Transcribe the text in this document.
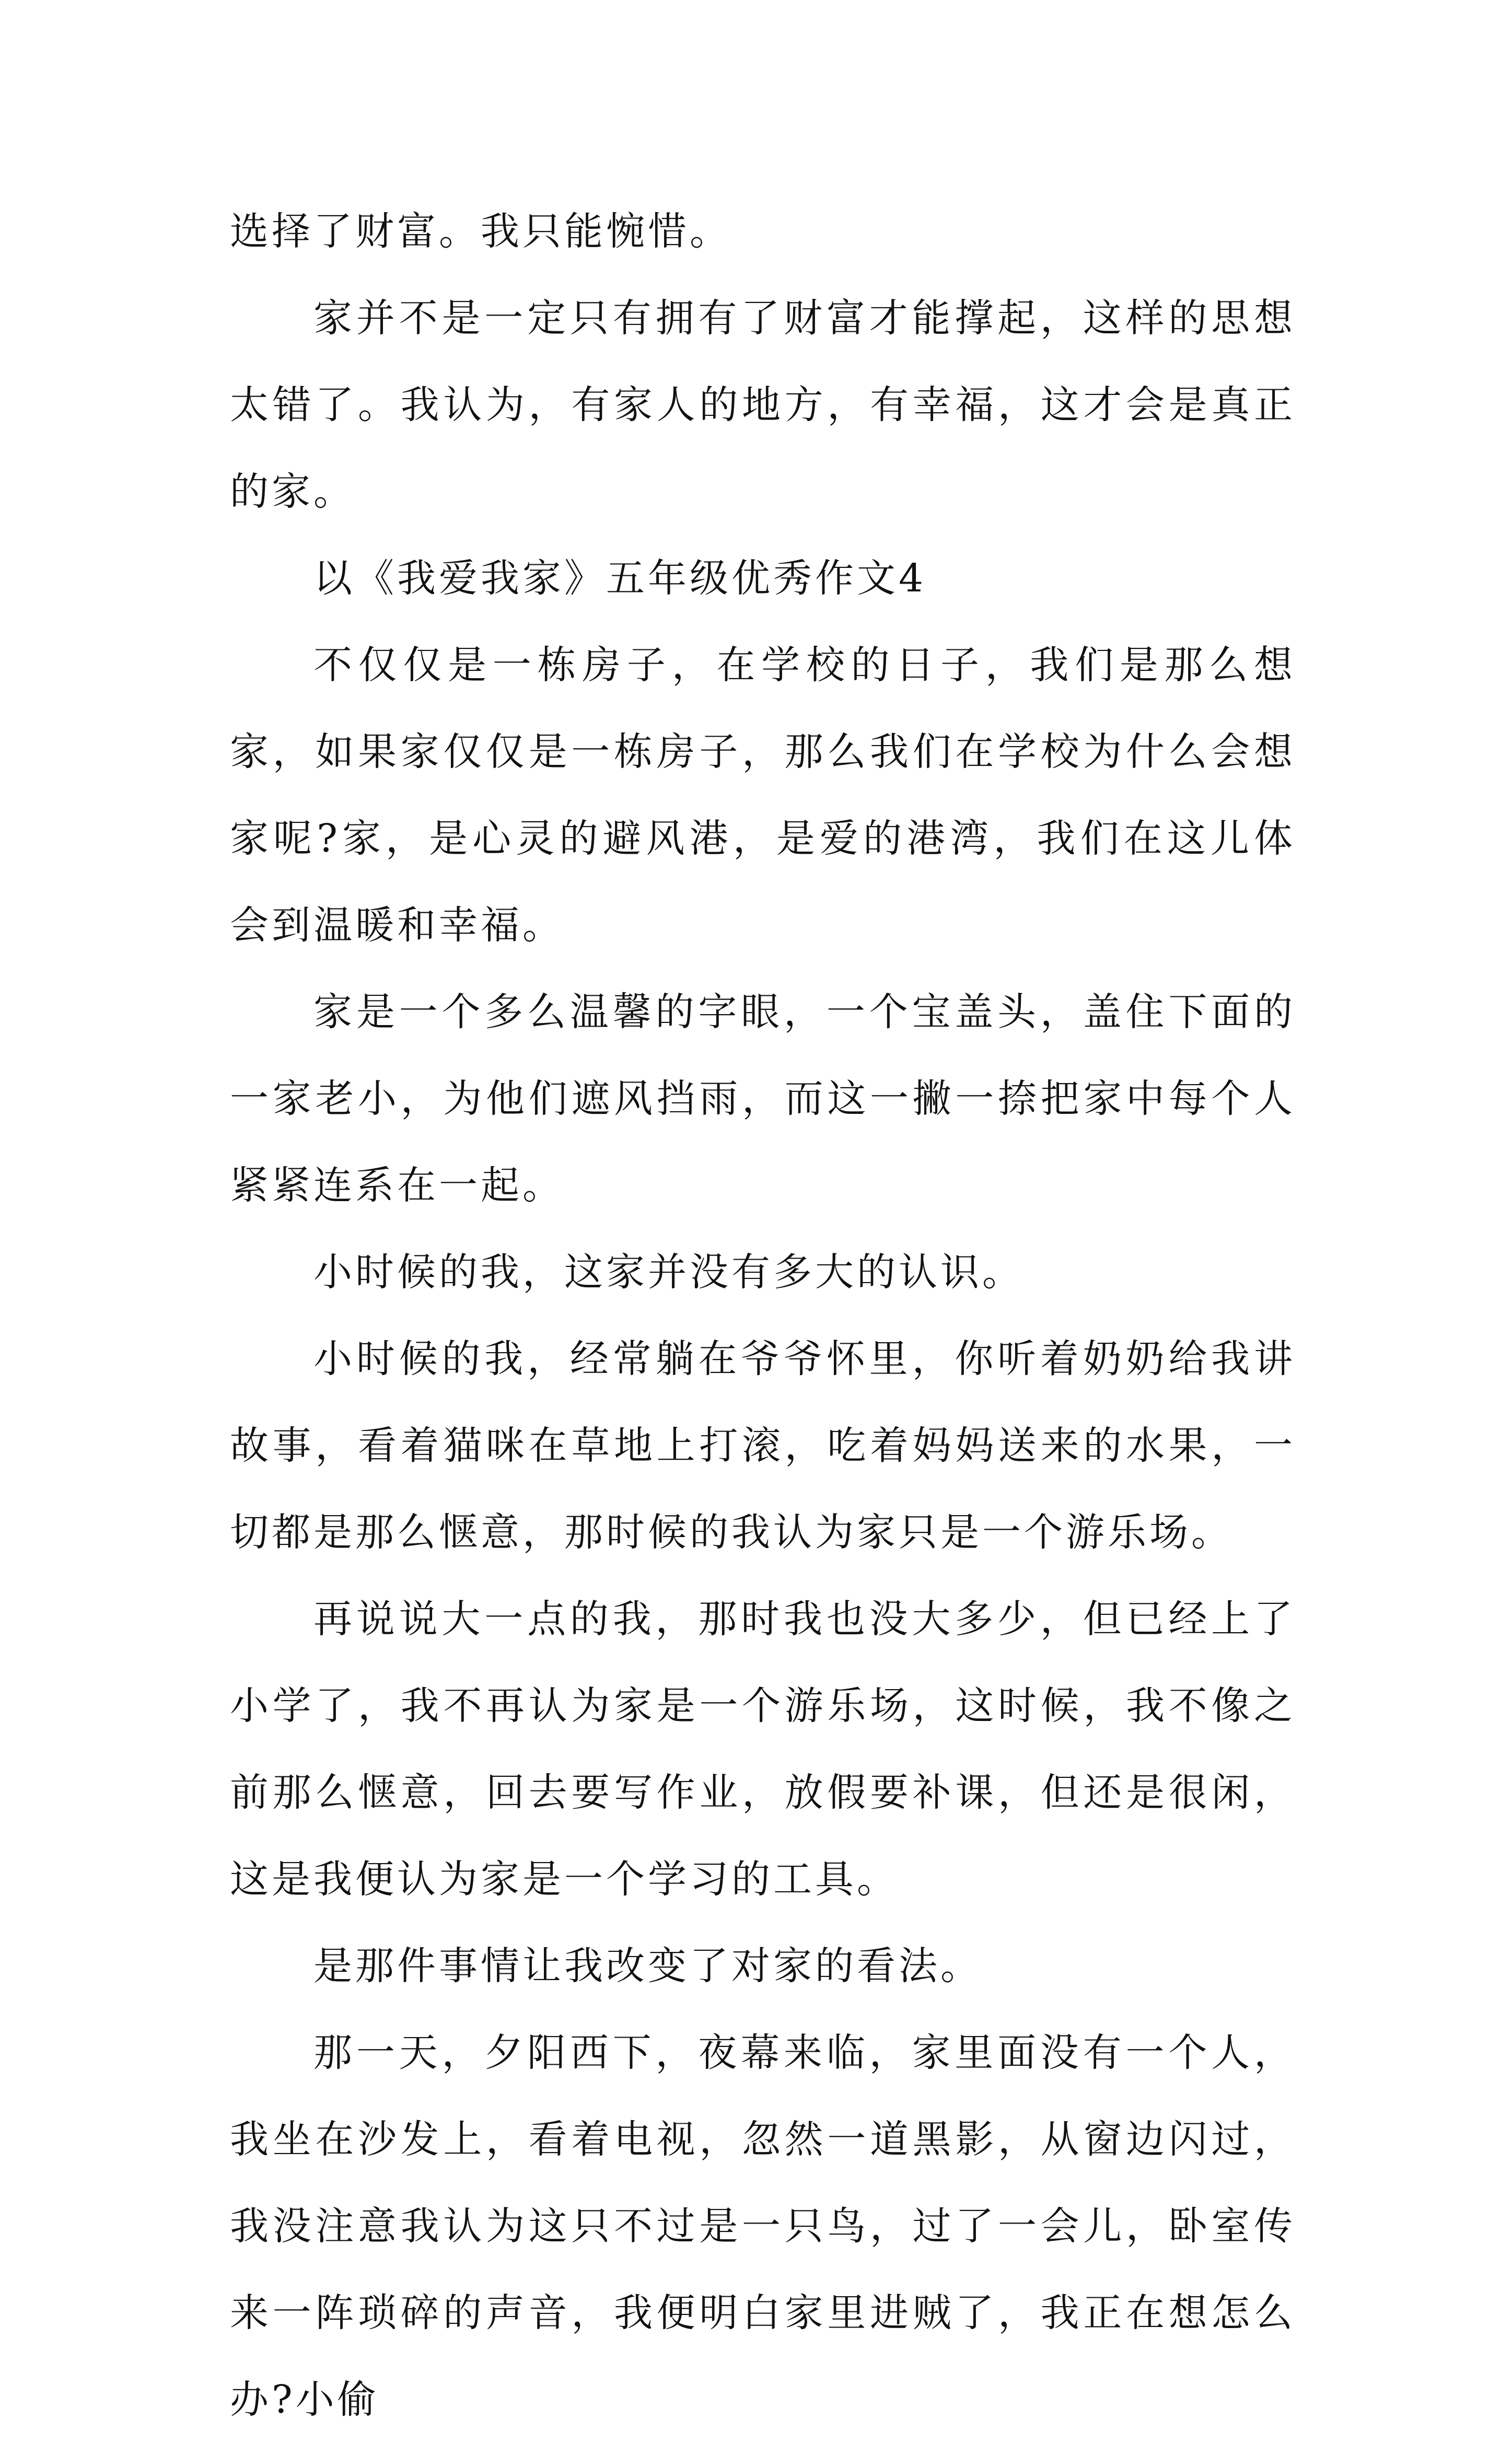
选择了财富。我只能惋惜。

家并不是一定只有拥有了财富才能撑起，这样的思想太错了。我认为，有家人的地方，有幸福，这才会是真正的家。

以《我爱我家》五年级优秀作文4

不仅仅是一栋房子，在学校的日子，我们是那么想家，如果家仅仅是一栋房子，那么我们在学校为什么会想家呢?家，是心灵的避风港，是爱的港湾，我们在这儿体会到温暖和幸福。

家是一个多么温馨的字眼，一个宝盖头，盖住下面的一家老小，为他们遮风挡雨，而这一撇一捺把家中每个人紧紧连系在一起。

小时候的我，这家并没有多大的认识。

小时候的我，经常躺在爷爷怀里，你听着奶奶给我讲故事，看着猫咪在草地上打滚，吃着妈妈送来的水果，一切都是那么惬意，那时候的我认为家只是一个游乐场。

再说说大一点的我，那时我也没大多少，但已经上了小学了，我不再认为家是一个游乐场，这时候，我不像之前那么惬意，回去要写作业，放假要补课，但还是很闲，这是我便认为家是一个学习的工具。

是那件事情让我改变了对家的看法。

那一天，夕阳西下，夜幕来临，家里面没有一个人，我坐在沙发上，看着电视，忽然一道黑影，从窗边闪过，我没注意我认为这只不过是一只鸟，过了一会儿，卧室传来一阵琐碎的声音，我便明白家里进贼了，我正在想怎么办?小偷
